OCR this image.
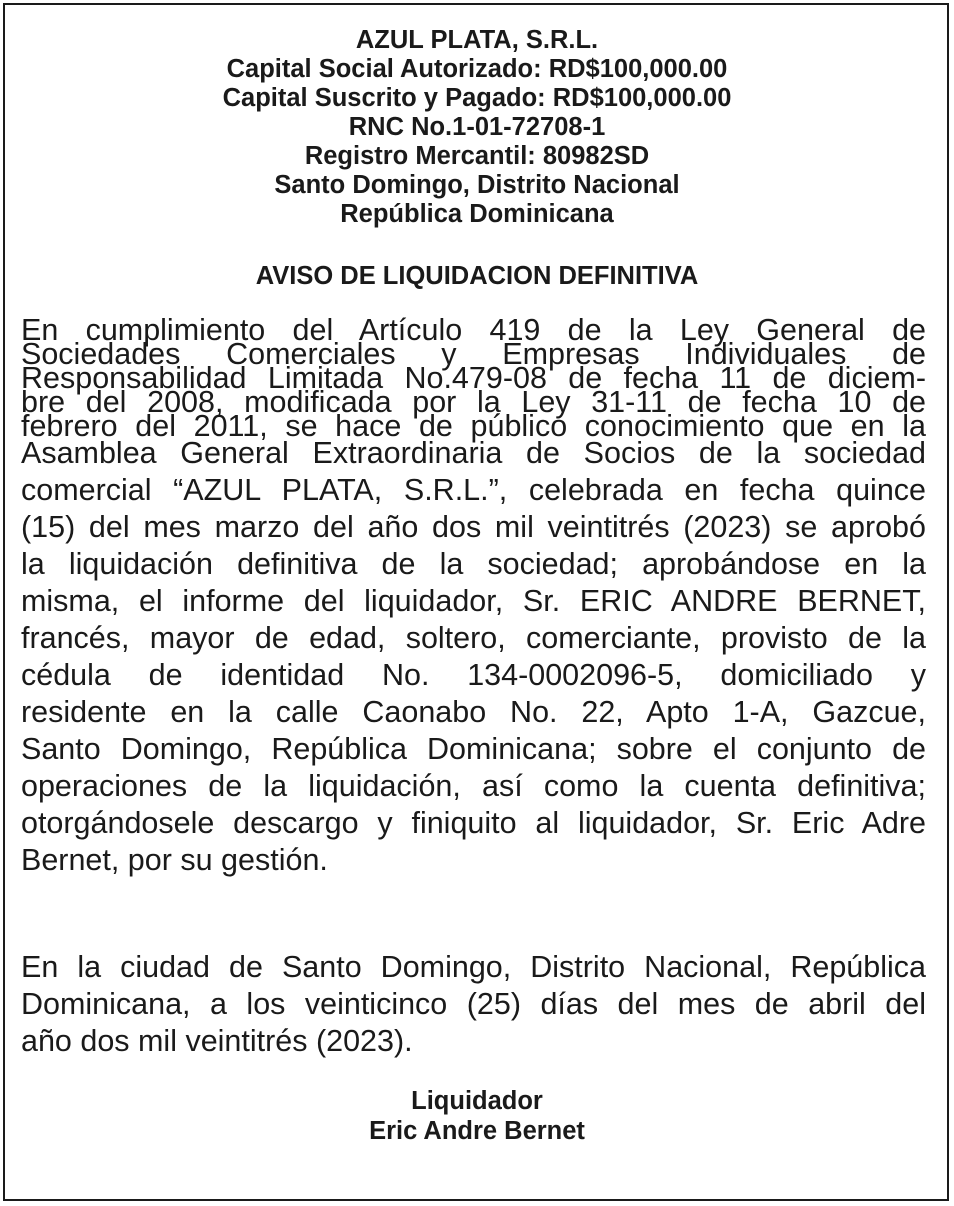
AZUL PLATA, S.R.L.
Capital Social Autorizado: RD$100,000.00
Capital Suscrito y Pagado: RD$100,000.00
RNC No.1-01-72708-1
Registro Mercantil: 80982SD
Santo Domingo, Distrito Nacional
República Dominicana
AVISO DE LIQUIDACION DEFINITIVA
En cumplimiento del Artículo 419 de la Ley General de
Sociedades Comerciales y Empresas Individuales de
Responsabilidad Limitada No.479-08 de fecha 11 de diciem-
bre del 2008, modificada por la Ley 31-11 de fecha 10 de
febrero del 2011, se hace de público conocimiento que en la
Asamblea General Extraordinaria de Socios de la sociedad
comercial “AZUL PLATA, S.R.L.”, celebrada en fecha quince
(15) del mes marzo del año dos mil veintitrés (2023) se aprobó
la liquidación definitiva de la sociedad; aprobándose en la
misma, el informe del liquidador, Sr. ERIC ANDRE BERNET,
francés, mayor de edad, soltero, comerciante, provisto de la
cédula de identidad No. 134-0002096-5, domiciliado y
residente en la calle Caonabo No. 22, Apto 1-A, Gazcue,
Santo Domingo, República Dominicana; sobre el conjunto de
operaciones de la liquidación, así como la cuenta definitiva;
otorgándosele descargo y finiquito al liquidador, Sr. Eric Adre
Bernet, por su gestión.
En la ciudad de Santo Domingo, Distrito Nacional, República
Dominicana, a los veinticinco (25) días del mes de abril del
año dos mil veintitrés (2023).
Liquidador
Eric Andre Bernet
